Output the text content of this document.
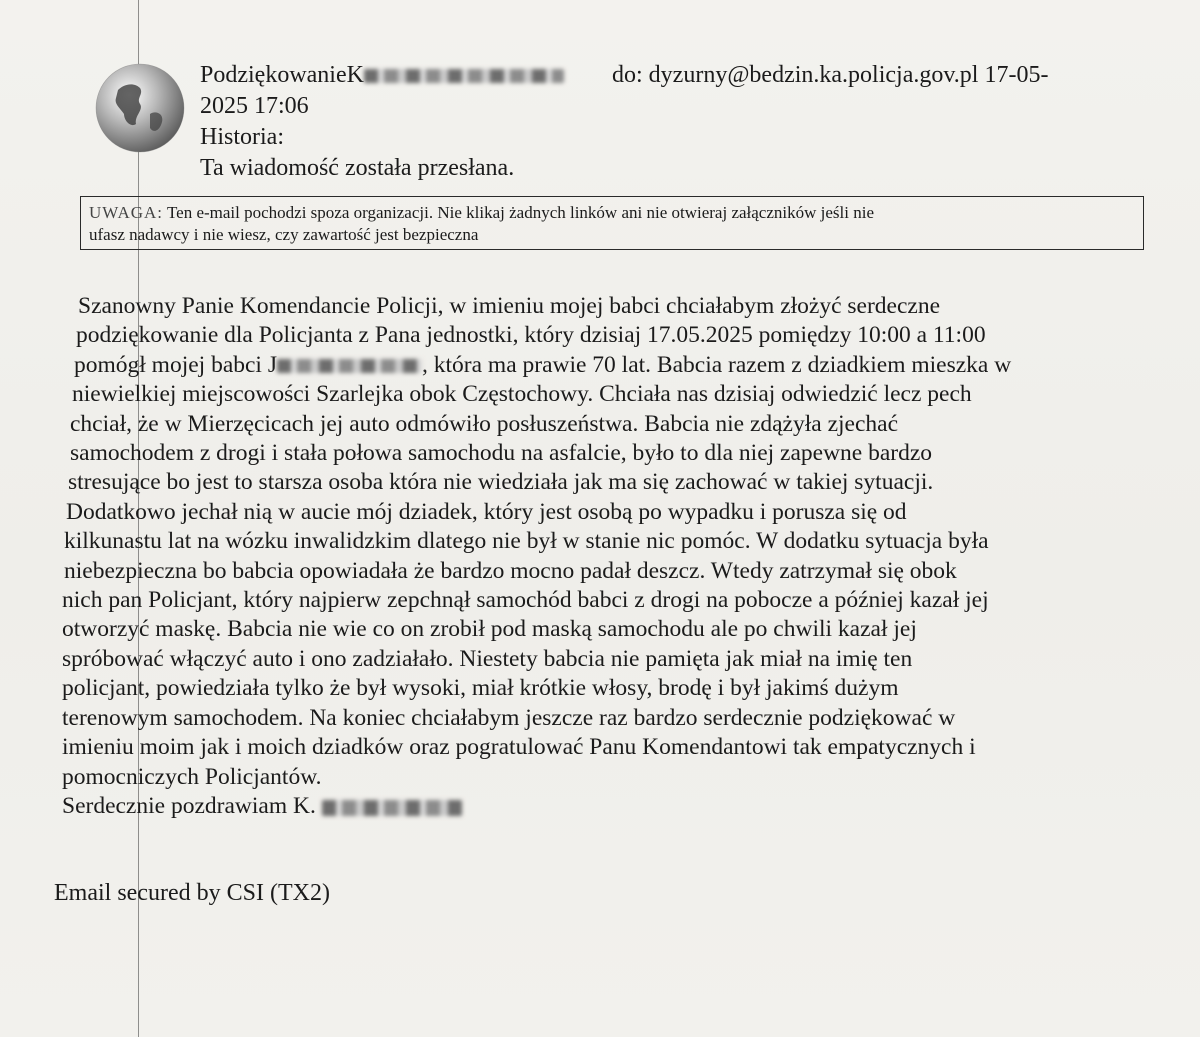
PodziękowanieK	do: dyzurny@bedzin.ka.policja.gov.pl 17-05-
2025 17:06
Historia:
Ta wiadomość została przesłana.
UWAGA: Ten e-mail pochodzi spoza organizacji. Nie klikaj żadnych linków ani nie otwieraj załączników jeśli nie
ufasz nadawcy i nie wiesz, czy zawartość jest bezpieczna
Szanowny Panie Komendancie Policji, w imieniu mojej babci chciałabym złożyć serdeczne
podziękowanie dla Policjanta z Pana jednostki, który dzisiaj 17.05.2025 pomiędzy 10:00 a 11:00
pomógł mojej babci J	, która ma prawie 70 lat. Babcia razem z dziadkiem mieszka w
niewielkiej miejscowości Szarlejka obok Częstochowy. Chciała nas dzisiaj odwiedzić lecz pech
chciał, że w Mierzęcicach jej auto odmówiło posłuszeństwa. Babcia nie zdążyła zjechać
samochodem z drogi i stała połowa samochodu na asfalcie, było to dla niej zapewne bardzo
stresujące bo jest to starsza osoba która nie wiedziała jak ma się zachować w takiej sytuacji.
Dodatkowo jechał nią w aucie mój dziadek, który jest osobą po wypadku i porusza się od
kilkunastu lat na wózku inwalidzkim dlatego nie był w stanie nic pomóc. W dodatku sytuacja była
niebezpieczna bo babcia opowiadała że bardzo mocno padał deszcz. Wtedy zatrzymał się obok
nich pan Policjant, który najpierw zepchnął samochód babci z drogi na pobocze a później kazał jej
otworzyć maskę. Babcia nie wie co on zrobił pod maską samochodu ale po chwili kazał jej
spróbować włączyć auto i ono zadziałało. Niestety babcia nie pamięta jak miał na imię ten
policjant, powiedziała tylko że był wysoki, miał krótkie włosy, brodę i był jakimś dużym
terenowym samochodem. Na koniec chciałabym jeszcze raz bardzo serdecznie podziękować w
imieniu moim jak i moich dziadków oraz pogratulować Panu Komendantowi tak empatycznych i
pomocniczych Policjantów.
Serdecznie pozdrawiam K.
Email secured by CSI (TX2)
